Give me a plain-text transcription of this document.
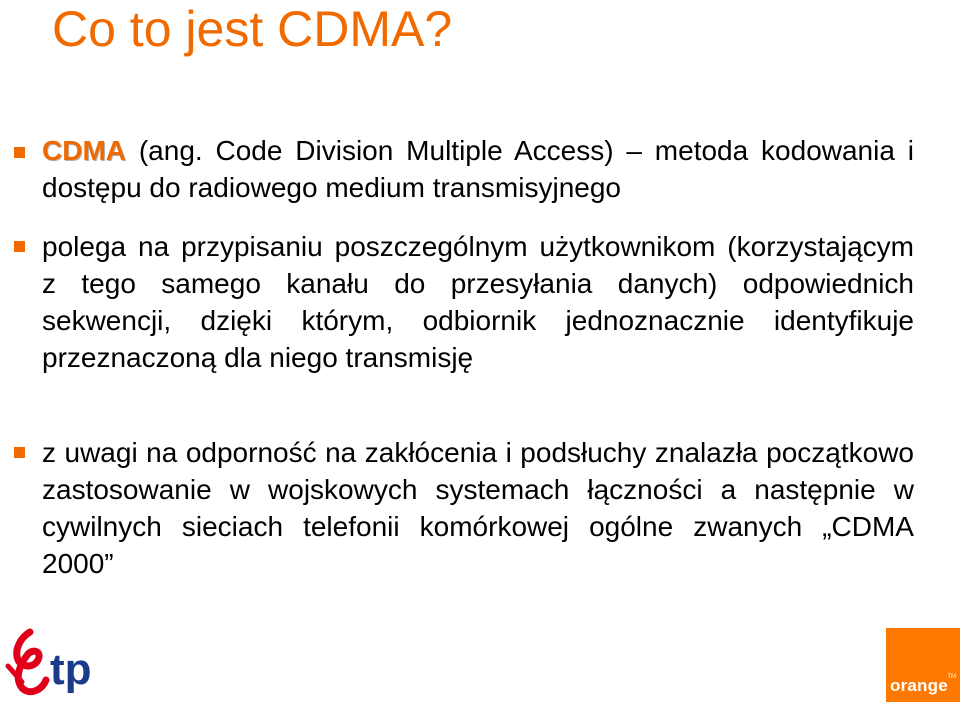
Co to jest CDMA?
CDMA (ang. Code Division Multiple Access) – metoda kodowania i dostępu do radiowego medium transmisyjnego
polega na przypisaniu poszczególnym użytkownikom (korzystającym z tego samego kanału do przesyłania danych) odpowiednich sekwencji, dzięki którym, odbiornik jednoznacznie identyfikuje przeznaczoną dla niego transmisję
z uwagi na odporność na zakłócenia i podsłuchy znalazła początkowo zastosowanie w wojskowych systemach łączności a następnie w cywilnych sieciach telefonii komórkowej ogólne zwanych „CDMA 2000”
tp	TM
orange
